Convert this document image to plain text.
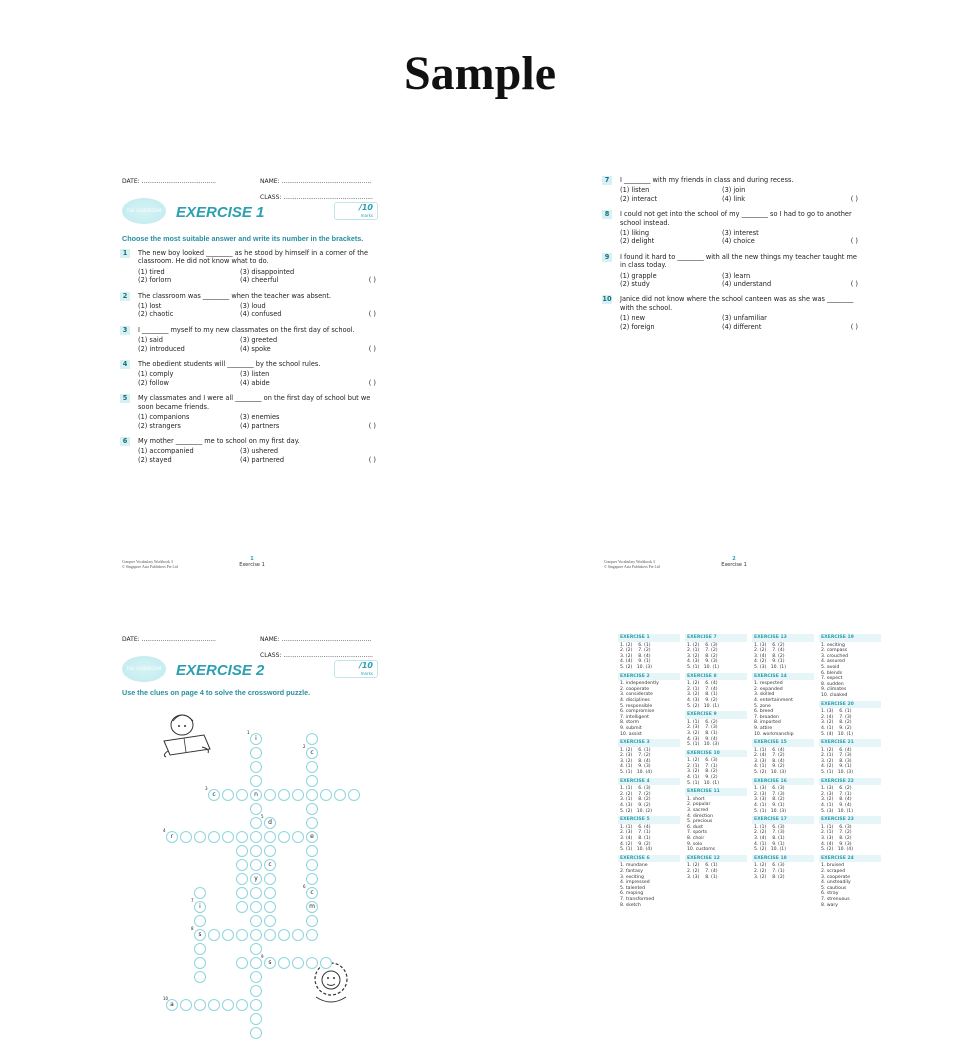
Sample
DATE: .......................................	NAME: ...............................................
CLASS: ...............................................
THE CLASSROOM EXERCISE 1	/10
marks
Choose the most suitable answer and write its number in the brackets.
1	The new boy looked ________ as he stood by himself in a corner of the classroom. He did not know what to do.
(1) tired	(3) disappointed
(2) forlorn	(4) cheerful	( )
2	The classroom was ________ when the teacher was absent.
(1) lost	(3) loud
(2) chaotic	(4) confused	( )
3	I ________ myself to my new classmates on the first day of school.
(1) said	(3) greeted
(2) introduced	(4) spoke	( )
4	The obedient students will ________ by the school rules.
(1) comply	(3) listen
(2) follow	(4) abide	( )
5	My classmates and I were all ________ on the first day of school but we soon became friends.
(1) companions	(3) enemies
(2) strangers	(4) partners	( )
6	My mother ________ me to school on my first day.
(1) accompanied	(3) ushered
(2) stayed	(4) partnered	( )
Conquer Vocabulary Workbook 3
© Singapore Asia Publishers Pte Ltd
1
Exercise 1
7	I ________ with my friends in class and during recess.
(1) listen	(3) join
(2) interact	(4) link	( )
8	I could not get into the school of my ________ so I had to go to another school instead.
(1) liking	(3) interest
(2) delight	(4) choice	( )
9	I found it hard to ________ with all the new things my teacher taught me in class today.
(1) grapple	(3) learn
(2) study	(4) understand	( )
10 Janice did not know where the school canteen was as she was ________ with the school.
(1) new	(3) unfamiliar
(2) foreign	(4) different	( )
Conquer Vocabulary Workbook 3
© Singapore Asia Publishers Pte Ltd
2
Exercise 1
DATE: .......................................	NAME: ...............................................
CLASS: ...............................................
THE CLASSROOM EXERCISE 2	/10
marks
Use the clues on page 4 to solve the crossword puzzle.
i
c
c	n
d
r	e
c
y
c
i	m
s
s
a
1
2
3
4
5
6
7
8
9
10
EXERCISE 1
1. (2)    6. (1)
2. (2)    7. (2)
3. (2)    8. (4)
4. (4)    9. (1)
5. (2)   10. (3)
EXERCISE 2
1. independently
2. cooperate
3. considerate
4. disciplines
5. responsible
6. compromise
7. intelligent
8. storm
9. submit
10. assist
EXERCISE 3
1. (2)    6. (1)
2. (3)    7. (2)
3. (2)    8. (4)
4. (1)    9. (3)
5. (1)   10. (4)
EXERCISE 4
1. (1)    6. (3)
2. (2)    7. (2)
3. (1)    8. (2)
4. (3)    9. (2)
5. (2)   10. (2)
EXERCISE 5
1. (1)    6. (4)
2. (3)    7. (1)
3. (4)    8. (1)
4. (2)    9. (2)
5. (1)   10. (4)
EXERCISE 6
1. mundane
2. fantasy
3. exciting
4. impressed
5. talented
6. moping
7. transformed
8. sketch
EXERCISE 7
1. (2)    6. (3)
2. (1)    7. (2)
3. (2)    8. (2)
4. (3)    9. (3)
5. (1)   10. (1)
EXERCISE 8
1. (2)    6. (4)
2. (1)    7. (4)
3. (2)    8. (1)
4. (3)    9. (2)
5. (2)   10. (1)
EXERCISE 9
1. (1)    6. (2)
2. (3)    7. (3)
3. (2)    8. (1)
4. (3)    9. (4)
5. (1)   10. (3)
EXERCISE 10
1. (2)    6. (3)
2. (1)    7. (1)
3. (2)    8. (2)
4. (1)    9. (2)
5. (1)   10. (1)
EXERCISE 11
1. short
2. popular
3. sacred
4. direction
5. precious
6. dust
7. sports
8. choir
9. solo
10. customs
EXERCISE 12
1. (2)    6. (1)
2. (2)    7. (4)
3. (3)    8. (1)
EXERCISE 13
1. (3)    6. (2)
2. (2)    7. (4)
3. (4)    8. (2)
4. (2)    9. (1)
5. (3)   10. (1)
EXERCISE 14
1. respected
2. expanded
3. skilled
4. entertainment
5. zone
6. breed
7. broaden
8. imported
9. attire
10. workmanship
EXERCISE 15
1. (1)    6. (4)
2. (4)    7. (2)
3. (3)    8. (4)
4. (1)    9. (2)
5. (2)   10. (3)
EXERCISE 16
1. (3)    6. (3)
2. (3)    7. (3)
3. (3)    8. (2)
4. (1)    9. (1)
5. (1)   10. (3)
EXERCISE 17
1. (1)    6. (3)
2. (2)    7. (3)
3. (4)    8. (1)
4. (1)    9. (1)
5. (2)   10. (1)
EXERCISE 18
1. (2)    6. (3)
2. (2)    7. (1)
3. (2)    8. (2)
EXERCISE 19
1. exciting
2. compass
3. crouched
4. assured
5. avoid
6. blends
7. expect
8. sudden
9. climates
10. cloaked
EXERCISE 20
1. (3)    6. (1)
2. (4)    7. (3)
3. (2)    8. (2)
4. (1)    9. (2)
5. (4)   10. (1)
EXERCISE 21
1. (2)    6. (4)
2. (1)    7. (3)
3. (2)    8. (3)
4. (2)    9. (1)
5. (1)   10. (3)
EXERCISE 22
1. (3)    6. (2)
2. (3)    7. (1)
3. (2)    8. (4)
4. (1)    9. (4)
5. (3)   10. (1)
EXERCISE 23
1. (1)    6. (3)
2. (1)    7. (2)
3. (3)    8. (2)
4. (4)    9. (3)
5. (2)   10. (4)
EXERCISE 24
1. bruised
2. scraped
3. cooperate
4. unsteadily
5. cautious
6. stray
7. strenuous
8. wary
